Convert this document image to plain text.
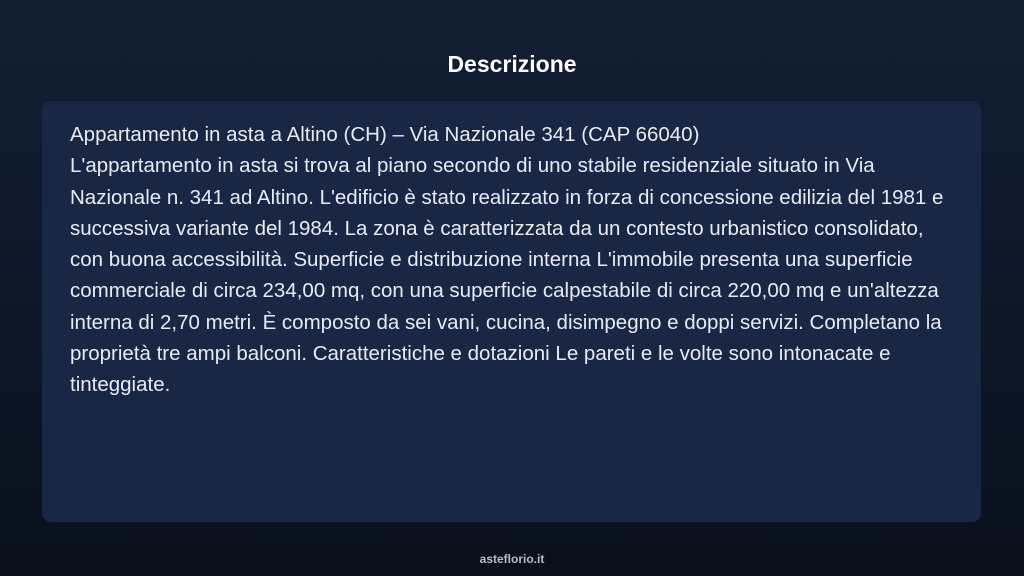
Descrizione

Appartamento in asta a Altino (CH) – Via Nazionale 341 (CAP 66040)

L'appartamento in asta si trova al piano secondo di uno stabile residenziale situato in Via Nazionale n. 341 ad Altino. L'edificio è stato realizzato in forza di concessione edilizia del 1981 e successiva variante del 1984. La zona è caratterizzata da un contesto urbanistico consolidato, con buona accessibilità. Superficie e distribuzione interna L'immobile presenta una superficie commerciale di circa 234,00 mq, con una superficie calpestabile di circa 220,00 mq e un'altezza interna di 2,70 metri. È composto da sei vani, cucina, disimpegno e doppi servizi. Completano la proprietà tre ampi balconi. Caratteristiche e dotazioni Le pareti e le volte sono intonacate e tinteggiate.

asteflorio.it
